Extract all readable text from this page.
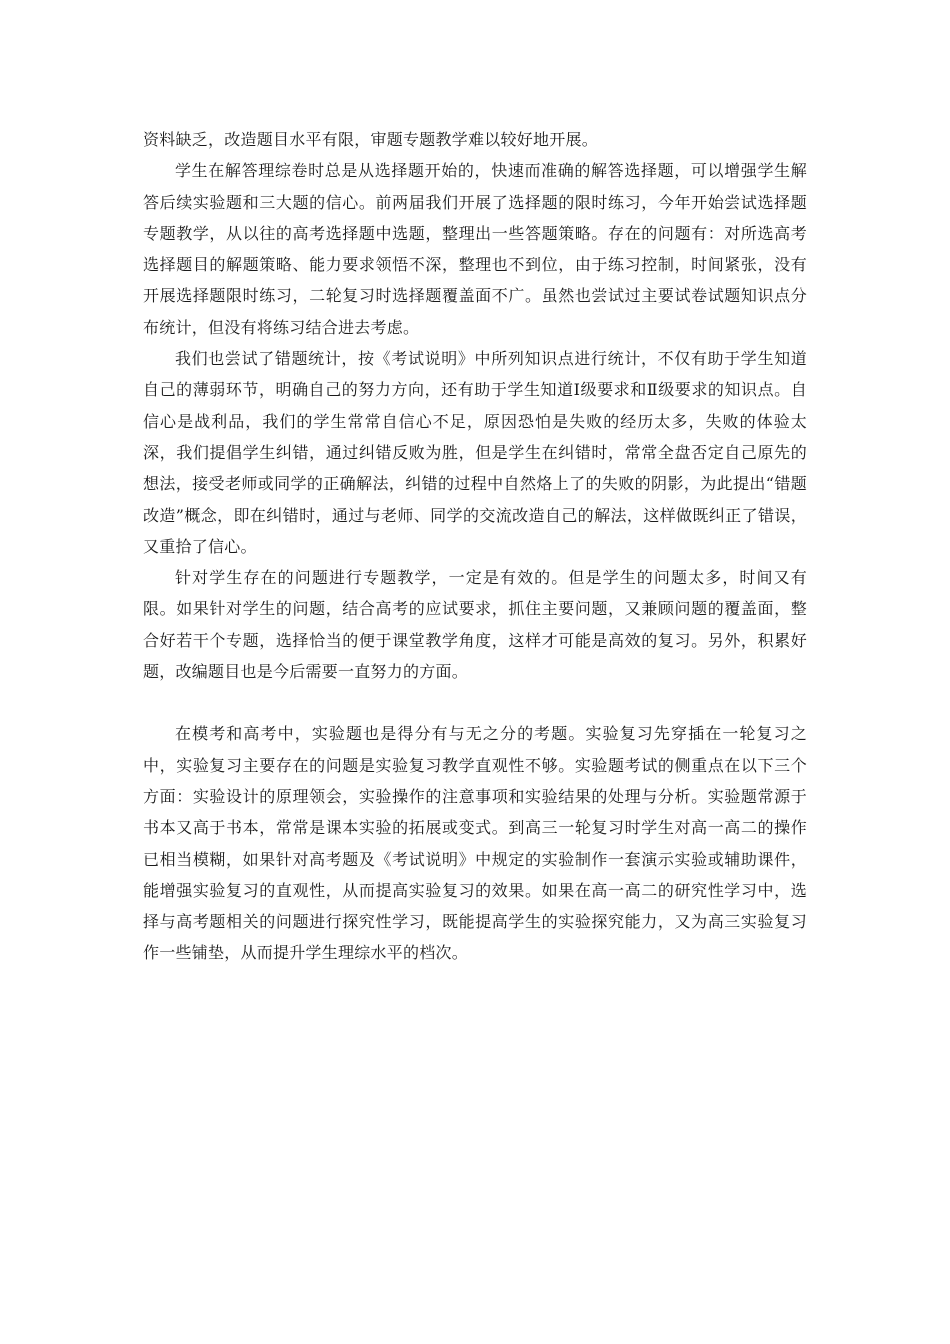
资料缺乏，改造题目水平有限，审题专题教学难以较好地开展。

学生在解答理综卷时总是从选择题开始的，快速而准确的解答选择题，可以增强学生解答后续实验题和三大题的信心。前两届我们开展了选择题的限时练习，今年开始尝试选择题专题教学，从以往的高考选择题中选题，整理出一些答题策略。存在的问题有：对所选高考选择题目的解题策略、能力要求领悟不深，整理也不到位，由于练习控制，时间紧张，没有开展选择题限时练习，二轮复习时选择题覆盖面不广。虽然也尝试过主要试卷试题知识点分布统计，但没有将练习结合进去考虑。

我们也尝试了错题统计，按《考试说明》中所列知识点进行统计，不仅有助于学生知道自己的薄弱环节，明确自己的努力方向，还有助于学生知道Ⅰ级要求和Ⅱ级要求的知识点。自信心是战利品，我们的学生常常自信心不足，原因恐怕是失败的经历太多，失败的体验太深，我们提倡学生纠错，通过纠错反败为胜，但是学生在纠错时，常常全盘否定自己原先的想法，接受老师或同学的正确解法，纠错的过程中自然烙上了的失败的阴影，为此提出“错题改造”概念，即在纠错时，通过与老师、同学的交流改造自己的解法，这样做既纠正了错误，又重拾了信心。

针对学生存在的问题进行专题教学，一定是有效的。但是学生的问题太多，时间又有限。如果针对学生的问题，结合高考的应试要求，抓住主要问题，又兼顾问题的覆盖面，整合好若干个专题，选择恰当的便于课堂教学角度，这样才可能是高效的复习。另外，积累好题，改编题目也是今后需要一直努力的方面。

在模考和高考中，实验题也是得分有与无之分的考题。实验复习先穿插在一轮复习之中，实验复习主要存在的问题是实验复习教学直观性不够。实验题考试的侧重点在以下三个方面：实验设计的原理领会，实验操作的注意事项和实验结果的处理与分析。实验题常源于书本又高于书本，常常是课本实验的拓展或变式。到高三一轮复习时学生对高一高二的操作已相当模糊，如果针对高考题及《考试说明》中规定的实验制作一套演示实验或辅助课件，能增强实验复习的直观性，从而提高实验复习的效果。如果在高一高二的研究性学习中，选择与高考题相关的问题进行探究性学习，既能提高学生的实验探究能力，又为高三实验复习作一些铺垫，从而提升学生理综水平的档次。
